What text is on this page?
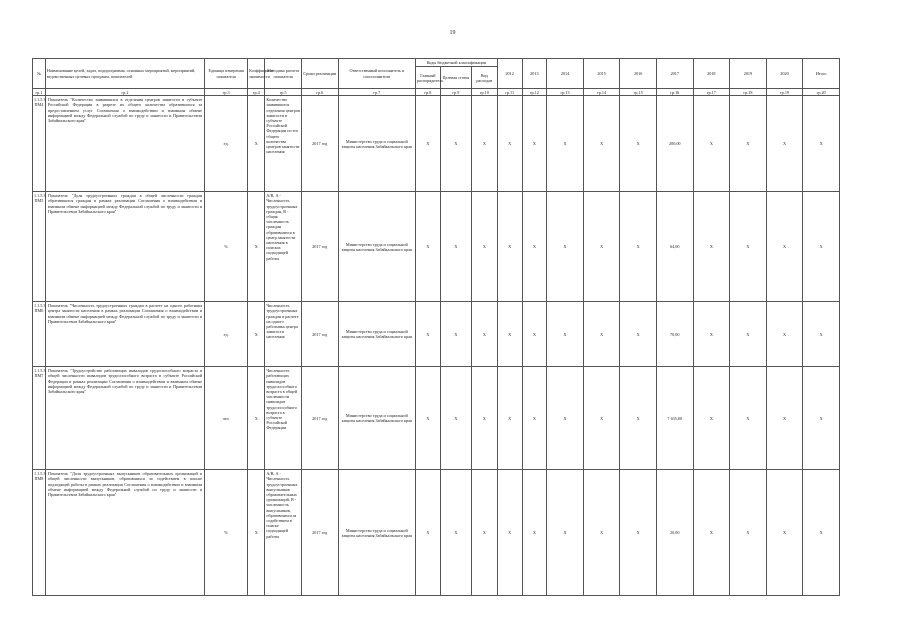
19
№	Наименование целей, задач, подпрограммы, основных мероприятий, мероприятий, ведомственных целевых программ, показателей	Единица измерения показателя	Коэффициент значимости	Методика расчета показателя	Сроки реализации	Ответственный исполнитель и соисполнители	Коды бюджетной классификации			2012	2013	2014	2015	2016	2017	2018	2019	2020	Итого
							Главный распорядитель	Целевая статья	Вид расходов										
гр.1	гр.2	гр.3	гр.4	гр.5	гр.6	гр.7	гр.8	гр.9	гр.10	гр.11	гр.12	гр.13	гр.14	гр.15	гр.16	гр.17	гр.18	гр.19	гр.20
1.1.5.3 ПМ4	Показатель "Количество заявившихся в отделения центров занятости в субъекте Российской Федерации в разрезе их общего количества обратившихся за предоставлением услуг Соглашения о взаимодействии и взаимном обмене информацией между Федеральной службой по труду и занятости и Правительством Забайкальского края"	ед.	Х	Количество заявившихся отделения центров занятости в субъекте Российской Федерации по его общего количества центров занятости населения	2017 год	Министерство труда и социальной защиты населения Забайкальского края	Х	Х	Х	Х	Х	Х	Х	Х	200,00	Х	Х	Х	Х
1.1.5.3 ПМ5	Показатель "Доля трудоустроенных граждан в общей численности граждан обратившихся граждан в рамках реализации Соглашения о взаимодействии и взаимном обмене информацией между Федеральной службой по труду и занятости и Правительством Забайкальского края"	%	Х	А/В, А - Численность трудоустроенных граждан, В - общая численность граждан обратившихся в центр занятости населения в поисках подходящей работы	2017 год	Министерство труда и социальной защиты населения Забайкальского края	Х	Х	Х	Х	Х	Х	Х	Х	64,00	Х	Х	Х	Х
1.1.5.3 ПМ6	Показатель "Численность трудоустроенных граждан в расчете на одного работника центра занятости населения в рамках реализации Соглашения о взаимодействии и взаимном обмене информацией между Федеральной службой по труду и занятости и Правительством Забайкальского края"	ед.	Х	Численность трудоустроенных граждан в расчете на одного работника центра занятости населения	2017 год	Министерство труда и социальной защиты населения Забайкальского края	Х	Х	Х	Х	Х	Х	Х	Х	70,00	Х	Х	Х	Х
1.1.5.3 ПМ7	Показатель "Трудоустройство работающих инвалидов трудоспособного возраста в общей численности инвалидов трудоспособного возраста в субъекте Российской Федерации в рамках реализации Соглашения о взаимодействии и взаимном обмене информацией между Федеральной службой по труду и занятости и Правительством Забайкальского края"	чел.	Х	Численность работающих инвалидов трудоспособного возраста в общей численности инвалидов трудоспособного возраста в субъекте Российской Федерации	2017 год	Министерство труда и социальной защиты населения Забайкальского края	Х	Х	Х	Х	Х	Х	Х	Х	7 635,00	Х	Х	Х	Х
1.1.5.3 ПМ8	Показатель "Доля трудоустроенных выпускников образовательных организаций в общей численности выпускников, обратившихся за содействием в поиске подходящей работы в рамках реализации Соглашения о взаимодействии и взаимном обмене информацией между Федеральной службой по труду и занятости и Правительством Забайкальского края"	%	Х	А/В, А - Численность трудоустроенных выпускников образовательных организаций, В - численность выпускников, обратившихся за содействием в поиске подходящей работы	2017 год	Министерство труда и социальной защиты населения Забайкальского края	Х	Х	Х	Х	Х	Х	Х	Х	20,00	Х	Х	Х	Х
